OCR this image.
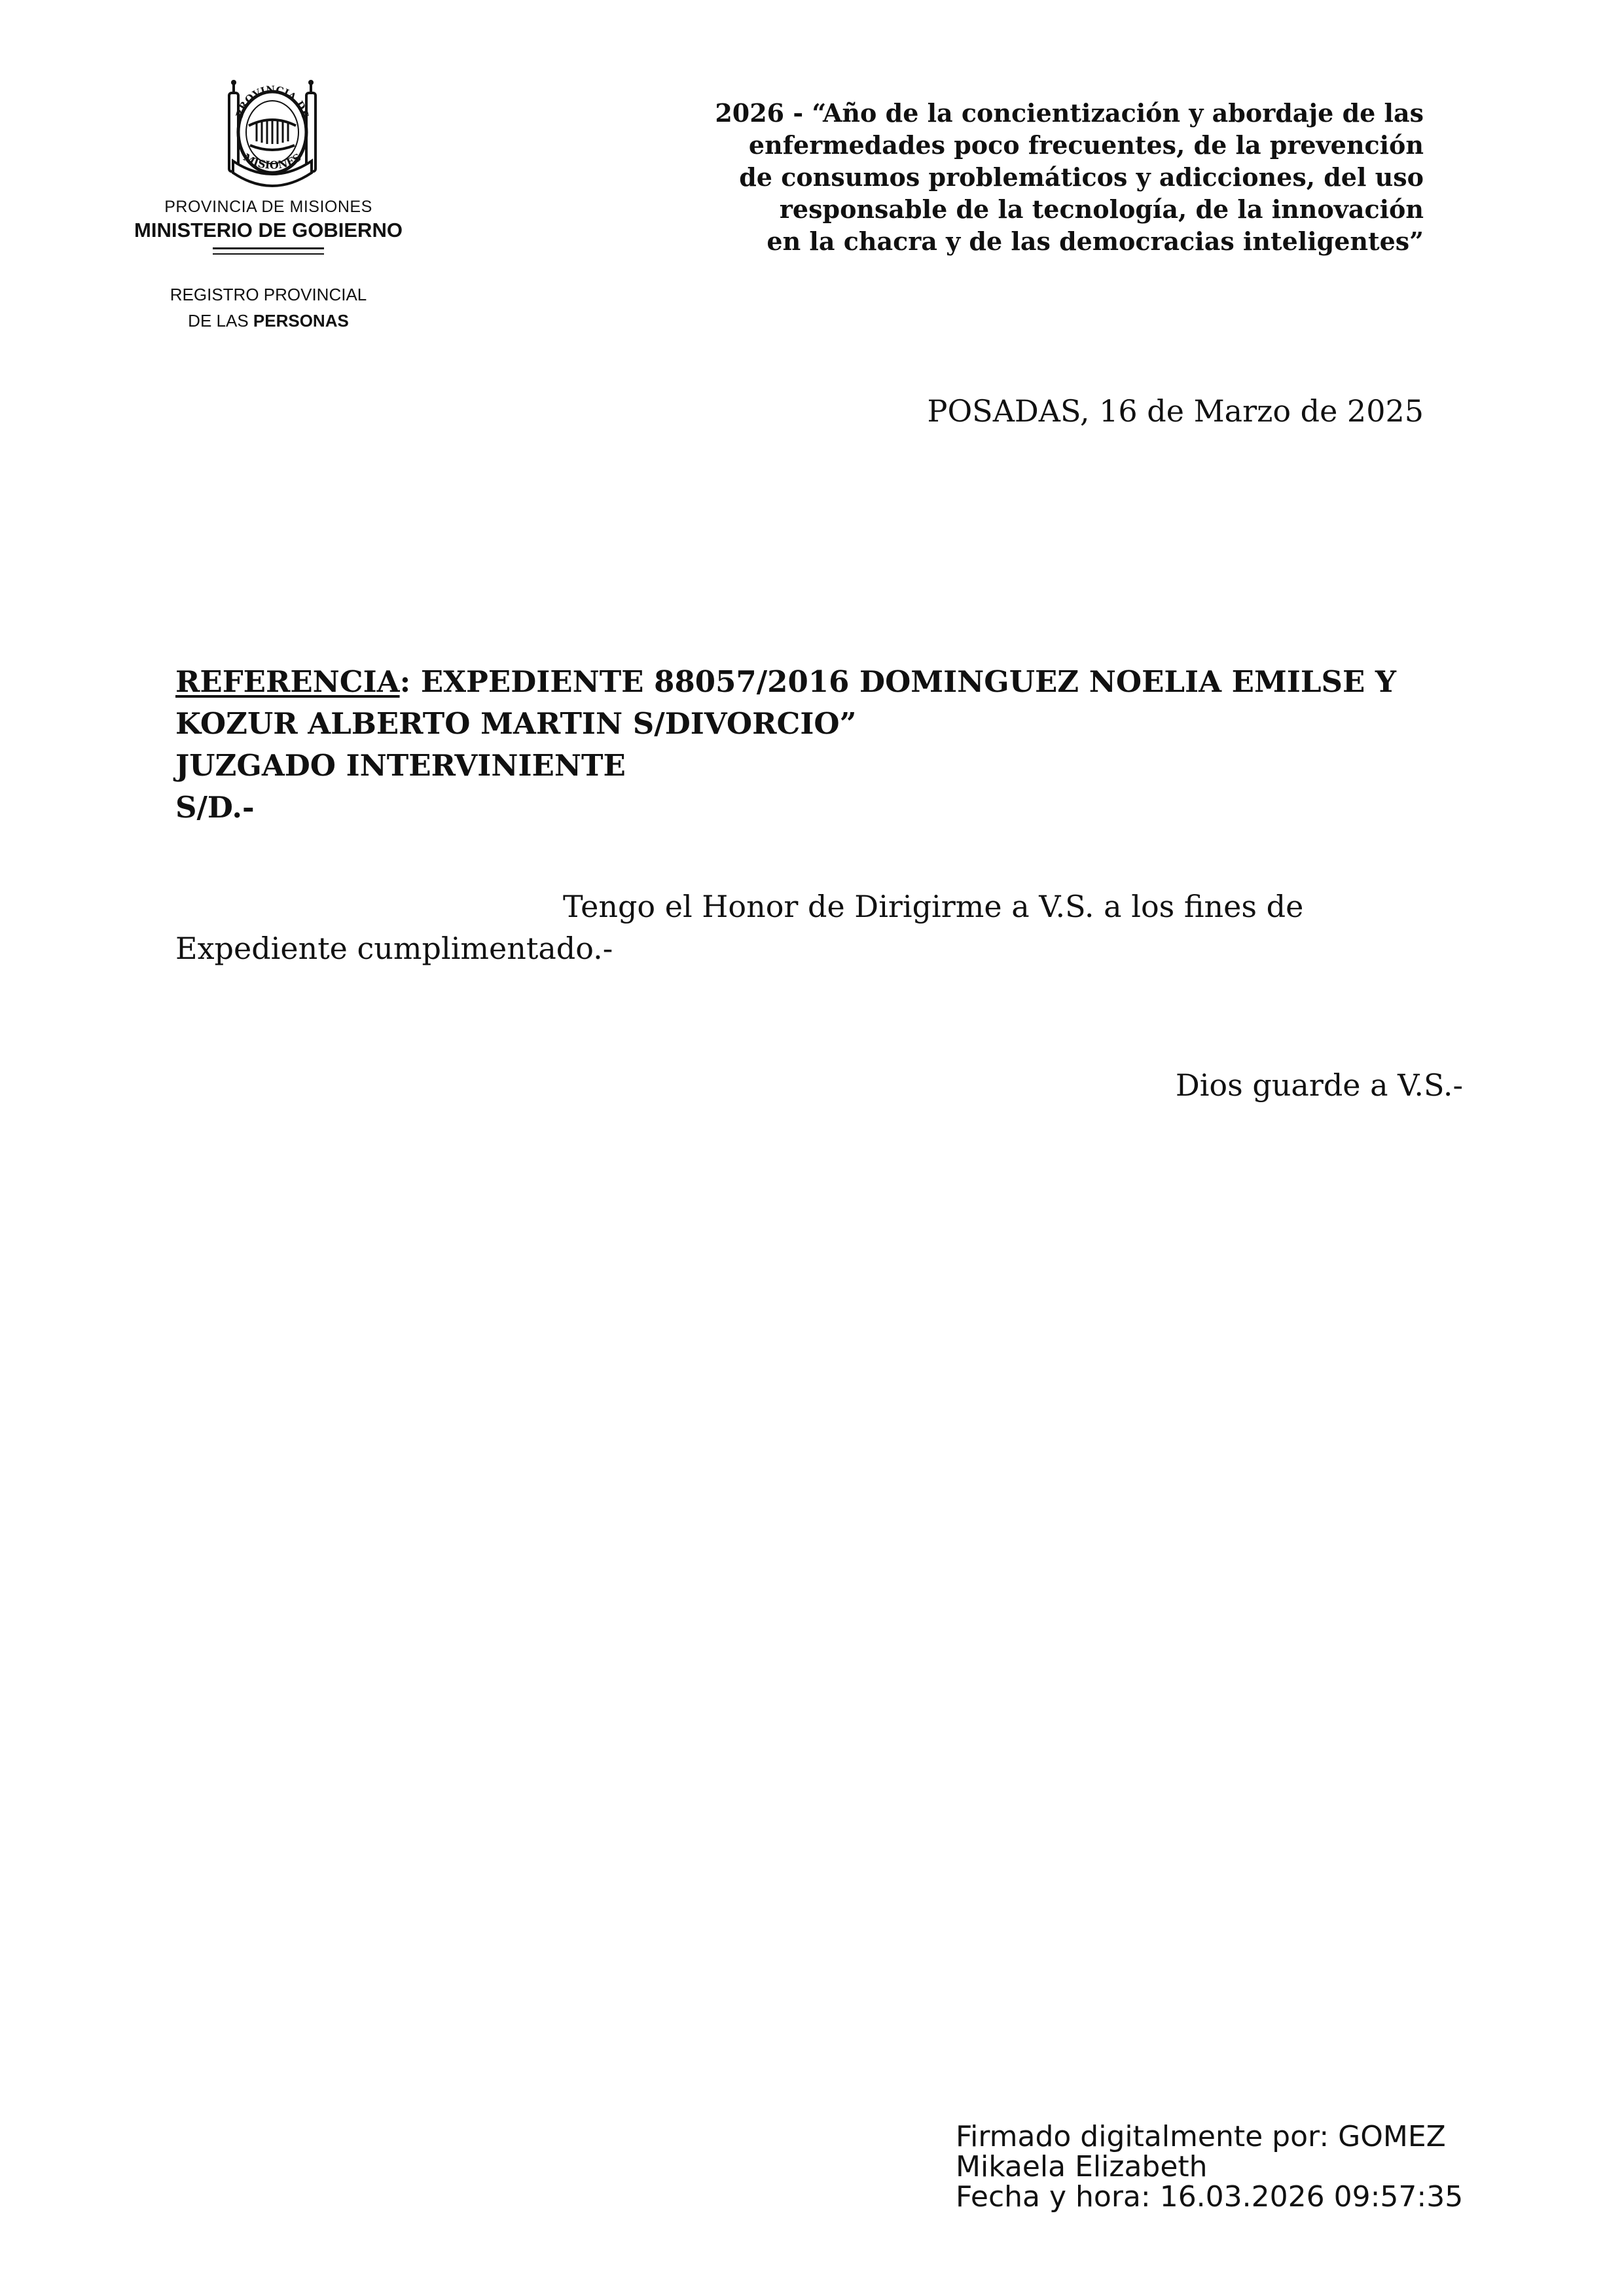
PROVINCIA DE
MISIONES
PROVINCIA DE MISIONES
MINISTERIO DE GOBIERNO
REGISTRO PROVINCIAL
DE LAS PERSONAS
2026 - “Año de la concientización y abordaje de las
enfermedades poco frecuentes, de la prevención
de consumos problemáticos y adicciones, del uso
responsable de la tecnología, de la innovación
en la chacra y de las democracias inteligentes”
POSADAS, 16 de Marzo de 2025
REFERENCIA: EXPEDIENTE 88057/2016 DOMINGUEZ NOELIA EMILSE Y
KOZUR ALBERTO MARTIN S/DIVORCIO”
JUZGADO INTERVINIENTE
S/D.-
Tengo el Honor de Dirigirme a V.S. a los fines de
Expediente cumplimentado.-
Dios guarde a V.S.-
Firmado digitalmente por: GOMEZ
Mikaela Elizabeth
Fecha y hora: 16.03.2026 09:57:35
